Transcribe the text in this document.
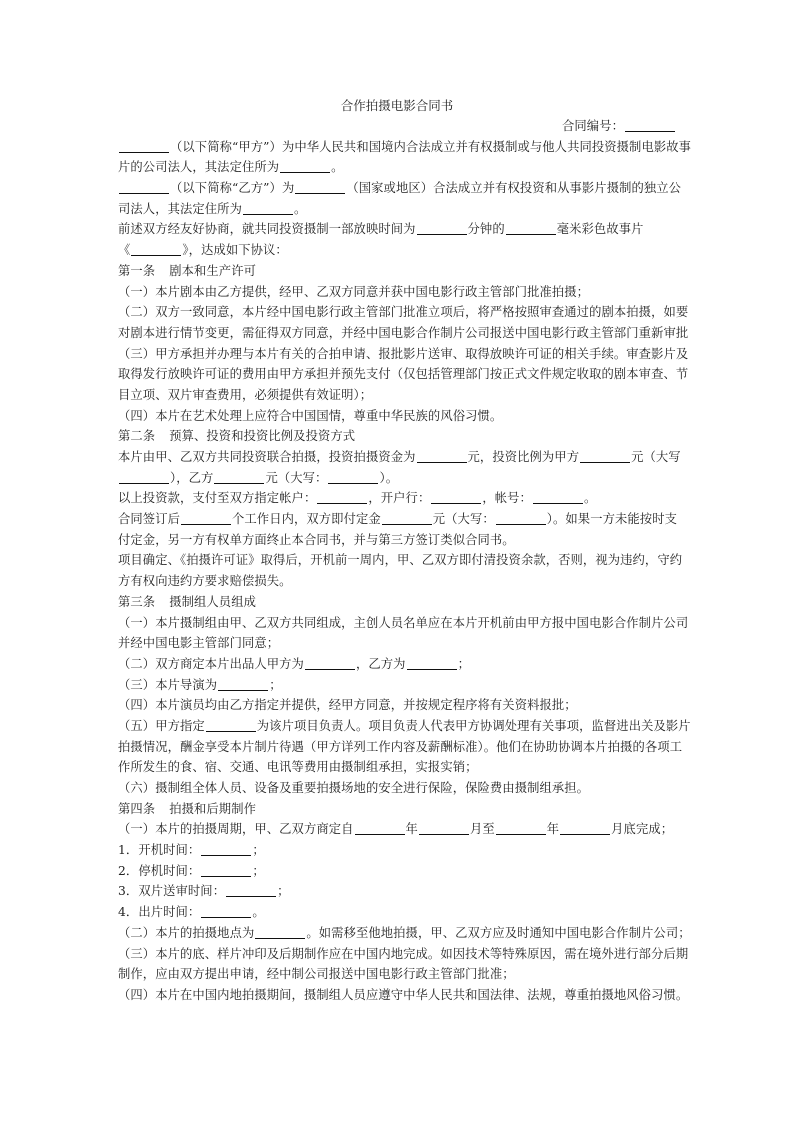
合作拍摄电影合同书
合同编号：
（以下简称“甲方”）为中华人民共和国境内合法成立并有权摄制或与他人共同投资摄制电影故事
片的公司法人，其法定住所为	。
（以下简称“乙方”）为	（国家或地区）合法成立并有权投资和从事影片摄制的独立公
司法人，其法定住所为	。
前述双方经友好协商，就共同投资摄制一部放映时间为	分钟的	毫米彩色故事片
《	》，达成如下协议：
第一条 剧本和生产许可
（一）本片剧本由乙方提供，经甲、乙双方同意并获中国电影行政主管部门批准拍摄；
（二）双方一致同意，本片经中国电影行政主管部门批准立项后，将严格按照审查通过的剧本拍摄，如要
对剧本进行情节变更，需征得双方同意，并经中国电影合作制片公司报送中国电影行政主管部门重新审批
（三）甲方承担并办理与本片有关的合拍申请、报批影片送审、取得放映许可证的相关手续。审查影片及
取得发行放映许可证的费用由甲方承担并预先支付（仅包括管理部门按正式文件规定收取的剧本审查、节
目立项、双片审查费用，必须提供有效证明）；
（四）本片在艺术处理上应符合中国国情，尊重中华民族的风俗习惯。
第二条 预算、投资和投资比例及投资方式
本片由甲、乙双方共同投资联合拍摄，投资拍摄资金为	元，投资比例为甲方	元（大写
），乙方	元（大写：	）。
以上投资款，支付至双方指定帐户：	，开户行：	，帐号：	。
合同签订后	个工作日内，双方即付定金	元（大写：	）。如果一方未能按时支
付定金，另一方有权单方面终止本合同书，并与第三方签订类似合同书。
项目确定、《拍摄许可证》取得后，开机前一周内，甲、乙双方即付清投资余款，否则，视为违约，守约
方有权向违约方要求赔偿损失。
第三条 摄制组人员组成
（一）本片摄制组由甲、乙双方共同组成，主创人员名单应在本片开机前由甲方报中国电影合作制片公司
并经中国电影主管部门同意；
（二）双方商定本片出品人甲方为	，乙方为	；
（三）本片导演为	；
（四）本片演员均由乙方指定并提供，经甲方同意，并按规定程序将有关资料报批；
（五）甲方指定	为该片项目负责人。项目负责人代表甲方协调处理有关事项，监督进出关及影片
拍摄情况，酬金享受本片制片待遇（甲方详列工作内容及薪酬标准）。他们在协助协调本片拍摄的各项工
作所发生的食、宿、交通、电讯等费用由摄制组承担，实报实销；
（六）摄制组全体人员、设备及重要拍摄场地的安全进行保险，保险费由摄制组承担。
第四条 拍摄和后期制作
（一）本片的拍摄周期，甲、乙双方商定自	年	月至	年	月底完成；
1．开机时间：	；
2．停机时间：	；
3．双片送审时间：	；
4．出片时间：	。
（二）本片的拍摄地点为	。如需移至他地拍摄，甲、乙双方应及时通知中国电影合作制片公司；
（三）本片的底、样片冲印及后期制作应在中国内地完成。如因技术等特殊原因，需在境外进行部分后期
制作，应由双方提出申请，经中制公司报送中国电影行政主管部门批准；
（四）本片在中国内地拍摄期间，摄制组人员应遵守中华人民共和国法律、法规，尊重拍摄地风俗习惯。
